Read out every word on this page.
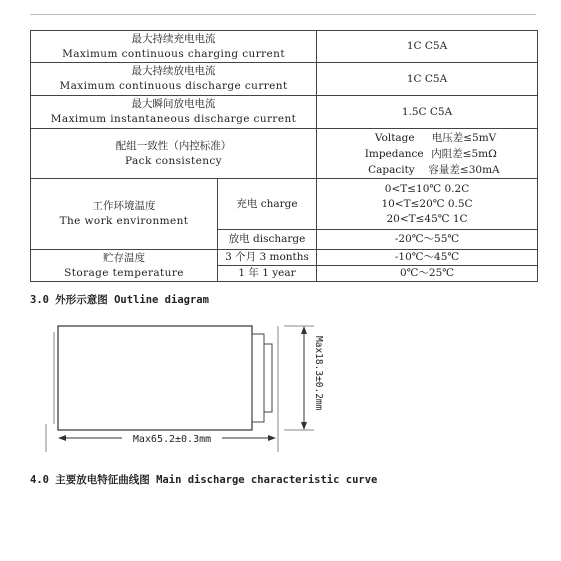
最大持续充电电流
Maximum continuous charging current		1C C5A

最大持续放电电流
Maximum continuous discharge current		1C C5A

最大瞬间放电电流
Maximum instantaneous discharge current		1.5C C5A

配组一致性（内控标准）
Pack consistency		Voltage 电压差≤5mV
Impedance 内阻差≤5mΩ
Capacity 容量差≤30mA

工作环境温度
The work environment	充电 charge	0<T≤10℃ 0.2C
10<T≤20℃ 0.5C
20<T≤45℃ 1C

	放电 discharge	-20℃～55℃

贮存温度
Storage temperature	3 个月 3 months	-10℃～45℃
	1 年 1 year	0℃～25℃
3.0 外形示意图 Outline diagram
Max65.2±0.3mm
Max18.3±0.2mm
4.0 主要放电特征曲线图 Main discharge characteristic curve
